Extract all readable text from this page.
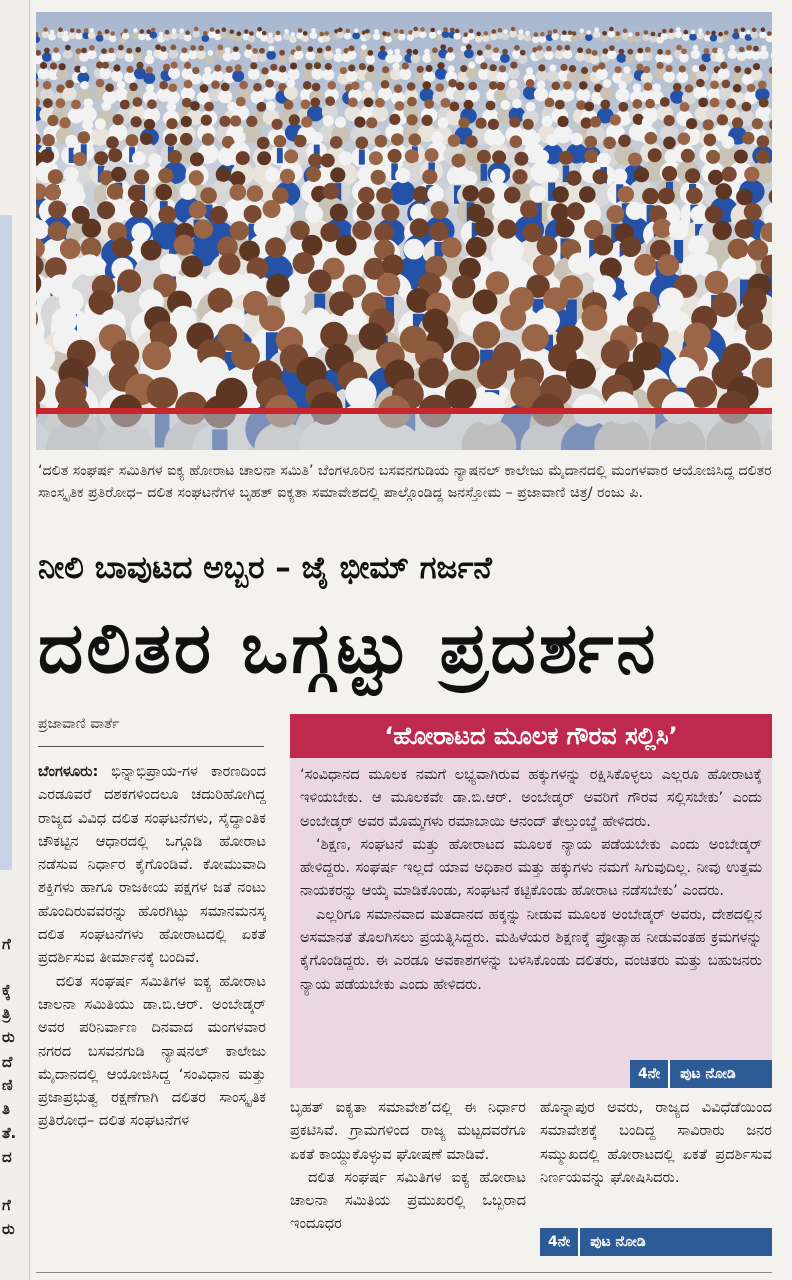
ಗೆ
ಕ್ಕೆ
ತ್ರಿ
ರು
ದೆ
ಣಿ
ತಿ
ತೆ.
ದ
ಗೆ
ರು
‘ದಲಿತ ಸಂಘರ್ಷ ಸಮಿತಿಗಳ ಐಕ್ಯ ಹೋರಾಟ ಚಾಲನಾ ಸಮಿತಿ’ ಬೆಂಗಳೂರಿನ ಬಸವನಗುಡಿಯ ನ್ಯಾಷನಲ್ ಕಾಲೇಜು ಮೈದಾನದಲ್ಲಿ ಮಂಗಳವಾರ ಆಯೋಜಿಸಿದ್ದ ದಲಿತರ ಸಾಂಸ್ಕೃತಿಕ ಪ್ರತಿರೋಧ– ದಲಿತ ಸಂಘಟನೆಗಳ ಬೃಹತ್ ಐಕ್ಯತಾ ಸಮಾವೇಶದಲ್ಲಿ ಪಾಲ್ಗೊಂಡಿದ್ದ ಜನಸ್ತೋಮ – ಪ್ರಜಾವಾಣಿ ಚಿತ್ರ/ ರಂಜು ಪಿ.
ನೀಲಿ ಬಾವುಟದ ಅಬ್ಬರ – ಜೈ ಭೀಮ್ ಗರ್ಜನೆ
ದಲಿತರ ಒಗ್ಗಟ್ಟು ಪ್ರದರ್ಶನ
ಪ್ರಜಾವಾಣಿ ವಾರ್ತೆ

ಬೆಂಗಳೂರು: ಭಿನ್ನಾಭಿಪ್ರಾಯ-ಗಳ ಕಾರಣದಿಂದ ಎರಡೂವರೆ ದಶಕಗಳಿಂದಲೂ ಚದುರಿಹೋಗಿದ್ದ ರಾಜ್ಯದ ವಿವಿಧ ದಲಿತ ಸಂಘಟನೆಗಳು, ಸೈದ್ಧಾಂತಿಕ ಚೌಕಟ್ಟಿನ ಆಧಾರದಲ್ಲಿ ಒಗ್ಗೂಡಿ ಹೋರಾಟ ನಡೆಸುವ ನಿರ್ಧಾರ ಕೈಗೊಂಡಿವೆ. ಕೋಮುವಾದಿ ಶಕ್ತಿಗಳು ಹಾಗೂ ರಾಜಕೀಯ ಪಕ್ಷಗಳ ಜತೆ ನಂಟು ಹೊಂದಿರುವವರನ್ನು ಹೊರಗಿಟ್ಟು ಸಮಾನಮನಸ್ಕ ದಲಿತ ಸಂಘಟನೆಗಳು ಹೋರಾಟದಲ್ಲಿ ಏಕತೆ ಪ್ರದರ್ಶಿಸುವ ತೀರ್ಮಾನಕ್ಕೆ ಬಂದಿವೆ.

ದಲಿತ ಸಂಘರ್ಷ ಸಮಿತಿಗಳ ಐಕ್ಯ ಹೋರಾಟ ಚಾಲನಾ ಸಮಿತಿಯು ಡಾ.ಬಿ.ಆರ್. ಅಂಬೇಡ್ಕರ್ ಅವರ ಪರಿನಿರ್ವಾಣ ದಿನವಾದ ಮಂಗಳವಾರ ನಗರದ ಬಸವನಗುಡಿ ನ್ಯಾಷನಲ್ ಕಾಲೇಜು ಮೈದಾನದಲ್ಲಿ ಆಯೋಜಿಸಿದ್ದ ‘ಸಂವಿಧಾನ ಮತ್ತು ಪ್ರಜಾಪ್ರಭುತ್ವ ರಕ್ಷಣೆಗಾಗಿ ದಲಿತರ ಸಾಂಸ್ಕೃತಿಕ ಪ್ರತಿರೋಧ– ದಲಿತ ಸಂಘಟನೆಗಳ

‘ಹೋರಾಟದ ಮೂಲಕ ಗೌರವ ಸಲ್ಲಿಸಿ’

‘ಸಂವಿಧಾನದ ಮೂಲಕ ನಮಗೆ ಲಭ್ಯವಾಗಿರುವ ಹಕ್ಕುಗಳನ್ನು ರಕ್ಷಿಸಿಕೊಳ್ಳಲು ಎಲ್ಲರೂ ಹೋರಾಟಕ್ಕೆ ಇಳಿಯಬೇಕು. ಆ ಮೂಲಕವೇ ಡಾ.ಬಿ.ಆರ್. ಅಂಬೇಡ್ಕರ್ ಅವರಿಗೆ ಗೌರವ ಸಲ್ಲಿಸಬೇಕು’ ಎಂದು ಅಂಬೇಡ್ಕರ್ ಅವರ ಮೊಮ್ಮಗಳು ರಮಾಬಾಯಿ ಆನಂದ್ ತೇಲ್ತುಂಬ್ಡೆ ಹೇಳಿದರು.

‘ಶಿಕ್ಷಣ, ಸಂಘಟನೆ ಮತ್ತು ಹೋರಾಟದ ಮೂಲಕ ನ್ಯಾಯ ಪಡೆಯಬೇಕು ಎಂದು ಅಂಬೇಡ್ಕರ್ ಹೇಳಿದ್ದರು. ಸಂಘರ್ಷ ಇಲ್ಲದೆ ಯಾವ ಅಧಿಕಾರ ಮತ್ತು ಹಕ್ಕುಗಳು ನಮಗೆ ಸಿಗುವುದಿಲ್ಲ. ನೀವು ಉತ್ತಮ ನಾಯಕರನ್ನು ಆಯ್ಕೆ ಮಾಡಿಕೊಂಡು, ಸಂಘಟನೆ ಕಟ್ಟಿಕೊಂಡು ಹೋರಾಟ ನಡೆಸಬೇಕು’ ಎಂದರು.

ಎಲ್ಲರಿಗೂ ಸಮಾನವಾದ ಮತದಾನದ ಹಕ್ಕನ್ನು ನೀಡುವ ಮೂಲಕ ಅಂಬೇಡ್ಕರ್ ಅವರು, ದೇಶದಲ್ಲಿನ ಅಸಮಾನತೆ ತೊಲಗಿಸಲು ಪ್ರಯತ್ನಿಸಿದ್ದರು. ಮಹಿಳೆಯರ ಶಿಕ್ಷಣಕ್ಕೆ ಪ್ರೋತ್ಸಾಹ ನೀಡುವಂತಹ ಕ್ರಮಗಳನ್ನು ಕೈಗೊಂಡಿದ್ದರು. ಈ ಎರಡೂ ಅವಕಾಶಗಳನ್ನು ಬಳಸಿಕೊಂಡು ದಲಿತರು, ವಂಚಿತರು ಮತ್ತು ಬಹುಜನರು ನ್ಯಾಯ ಪಡೆಯಬೇಕು ಎಂದು ಹೇಳಿದರು.

4ನೇ ಪುಟ ನೋಡಿ

ಬೃಹತ್ ಐಕ್ಯತಾ ಸಮಾವೇಶ’ದಲ್ಲಿ ಈ ನಿರ್ಧಾರ ಪ್ರಕಟಿಸಿವೆ. ಗ್ರಾಮಗಳಿಂದ ರಾಜ್ಯ ಮಟ್ಟದವರೆಗೂ ಏಕತೆ ಕಾಯ್ದುಕೊಳ್ಳುವ ಘೋಷಣೆ ಮಾಡಿವೆ.

ದಲಿತ ಸಂಘರ್ಷ ಸಮಿತಿಗಳ ಐಕ್ಯ ಹೋರಾಟ ಚಾಲನಾ ಸಮಿತಿಯ ಪ್ರಮುಖರಲ್ಲಿ ಒಬ್ಬರಾದ ಇಂದೂಧರ

ಹೊನ್ನಾಪುರ ಅವರು, ರಾಜ್ಯದ ವಿವಿಧೆಡೆಯಿಂದ ಸಮಾವೇಶಕ್ಕೆ ಬಂದಿದ್ದ ಸಾವಿರಾರು ಜನರ ಸಮ್ಮುಖದಲ್ಲಿ ಹೋರಾಟದಲ್ಲಿ ಏಕತೆ ಪ್ರದರ್ಶಿಸುವ ನಿರ್ಣಯವನ್ನು ಘೋಷಿಸಿದರು.

4ನೇ ಪುಟ ನೋಡಿ
